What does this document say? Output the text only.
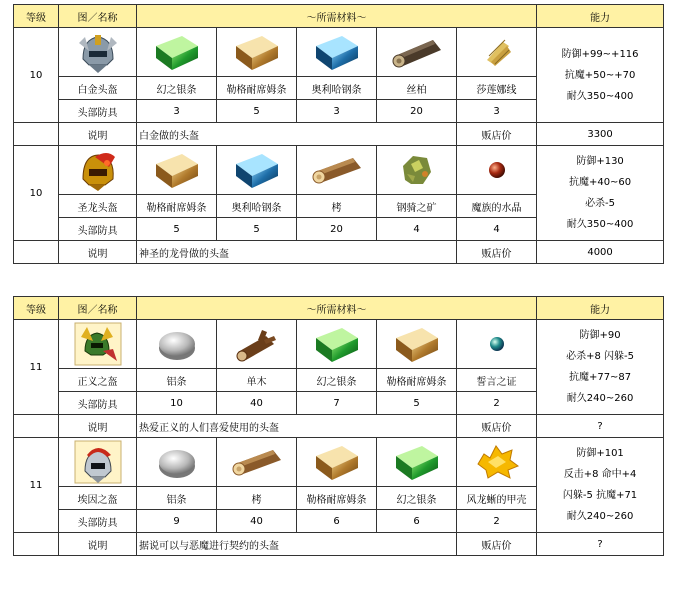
等级	图／名称	～所需材料～					能力
10							防御+99~+116
抗魔+50~+70
耐久350~400

	白金头盔	幻之银条	勒格耐席姆条	奥利哈钢条	丝柏	莎莲娜线	
	头部防具	3	5	3	20	3	
	说明	白金做的头盔				贩店价	3300
10							防御+130
抗魔+40~60
必杀-5
耐久350~400

	圣龙头盔	勒格耐席姆条	奥利哈钢条	栲	钢骑之矿	魔族的水晶	
	头部防具	5	5	20	4	4	
	说明	神圣的龙骨做的头盔				贩店价	4000
等级	图／名称	～所需材料～					能力
11							防御+90
必杀+8 闪躲-5
抗魔+77~87
耐久240~260

	正义之盔	铝条	单木	幻之银条	勒格耐席姆条	誓言之证	
	头部防具	10	40	7	5	2	
	说明	热爱正义的人们喜爱使用的头盔				贩店价	?
11							防御+101
反击+8 命中+4
闪躲-5 抗魔+71
耐久240~260

	埃因之盔	铝条	栲	勒格耐席姆条	幻之银条	风龙蜥的甲壳	
	头部防具	9	40	6	6	2	
	说明	据说可以与恶魔进行契约的头盔				贩店价	?
